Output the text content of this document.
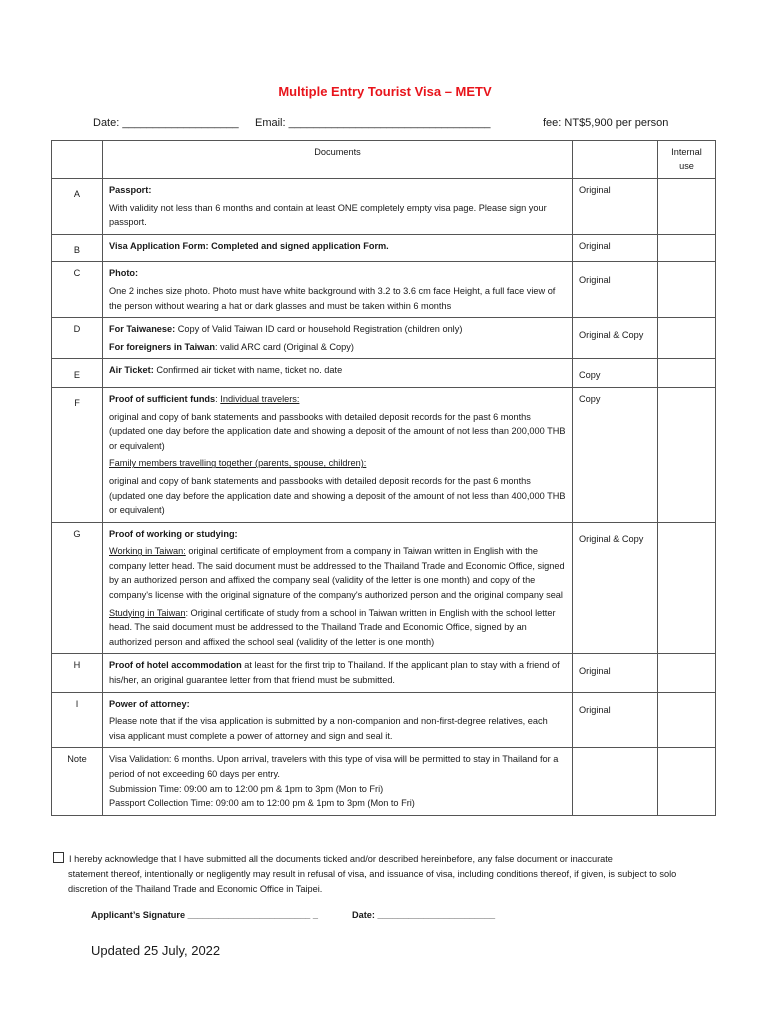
Multiple Entry Tourist Visa – METV
Date: ___________________ Email: _________________________________	fee: NT$5,900 per person
	Documents		Internal use
A	Passport:
With validity not less than 6 months and contain at least ONE completely empty visa page. Please sign your passport.	Original	
B	Visa Application Form: Completed and signed application Form.	Original	
C	Photo:
One 2 inches size photo. Photo must have white background with 3.2 to 3.6 cm face Height, a full face view of the person without wearing a hat or dark glasses and must be taken within 6 months	Original	
D	For Taiwanese: Copy of Valid Taiwan ID card or household Registration (children only)
For foreigners in Taiwan: valid ARC card (Original & Copy)	Original & Copy	
E	Air Ticket: Confirmed air ticket with name, ticket no. date	Copy	
F	Proof of sufficient funds: Individual travelers:
original and copy of bank statements and passbooks with detailed deposit records for the past 6 months (updated one day before the application date and showing a deposit of the amount of not less than 200,000 THB or equivalent)
Family members travelling together (parents, spouse, children):
original and copy of bank statements and passbooks with detailed deposit records for the past 6 months (updated one day before the application date and showing a deposit of the amount of not less than 400,000 THB or equivalent)	Copy	
G	Proof of working or studying:
Working in Taiwan: original certificate of employment from a company in Taiwan written in English with the company letter head. The said document must be addressed to the Thailand Trade and Economic Office, signed by an authorized person and affixed the company seal (validity of the letter is one month) and copy of the company's license with the original signature of the company's authorized person and the original company seal
Studying in Taiwan: Original certificate of study from a school in Taiwan written in English with the school letter head. The said document must be addressed to the Thailand Trade and Economic Office, signed by an authorized person and affixed the school seal (validity of the letter is one month)	Original & Copy	
H	Proof of hotel accommodation at least for the first trip to Thailand. If the applicant plan to stay with a friend of his/her, an original guarantee letter from that friend must be submitted.	Original	
I	Power of attorney:
Please note that if the visa application is submitted by a non-companion and non-first-degree relatives, each visa applicant must complete a power of attorney and sign and seal it.	Original	
Note	Visa Validation: 6 months. Upon arrival, travelers with this type of visa will be permitted to stay in Thailand for a period of not exceeding 60 days per entry.
Submission Time: 09:00 am to 12:00 pm & 1pm to 3pm (Mon to Fri)
Passport Collection Time: 09:00 am to 12:00 pm & 1pm to 3pm (Mon to Fri)		

I hereby acknowledge that I have submitted all the documents ticked and/or described hereinbefore, any false document or inaccurate
statement thereof, intentionally or negligently may result in refusal of visa, and issuance of visa, including conditions thereof, if given, is subject to solo discretion of the Thailand Trade and Economic Office in Taipei.
Applicant’s Signature ________________________ _	Date: _______________________
Updated 25 July, 2022
